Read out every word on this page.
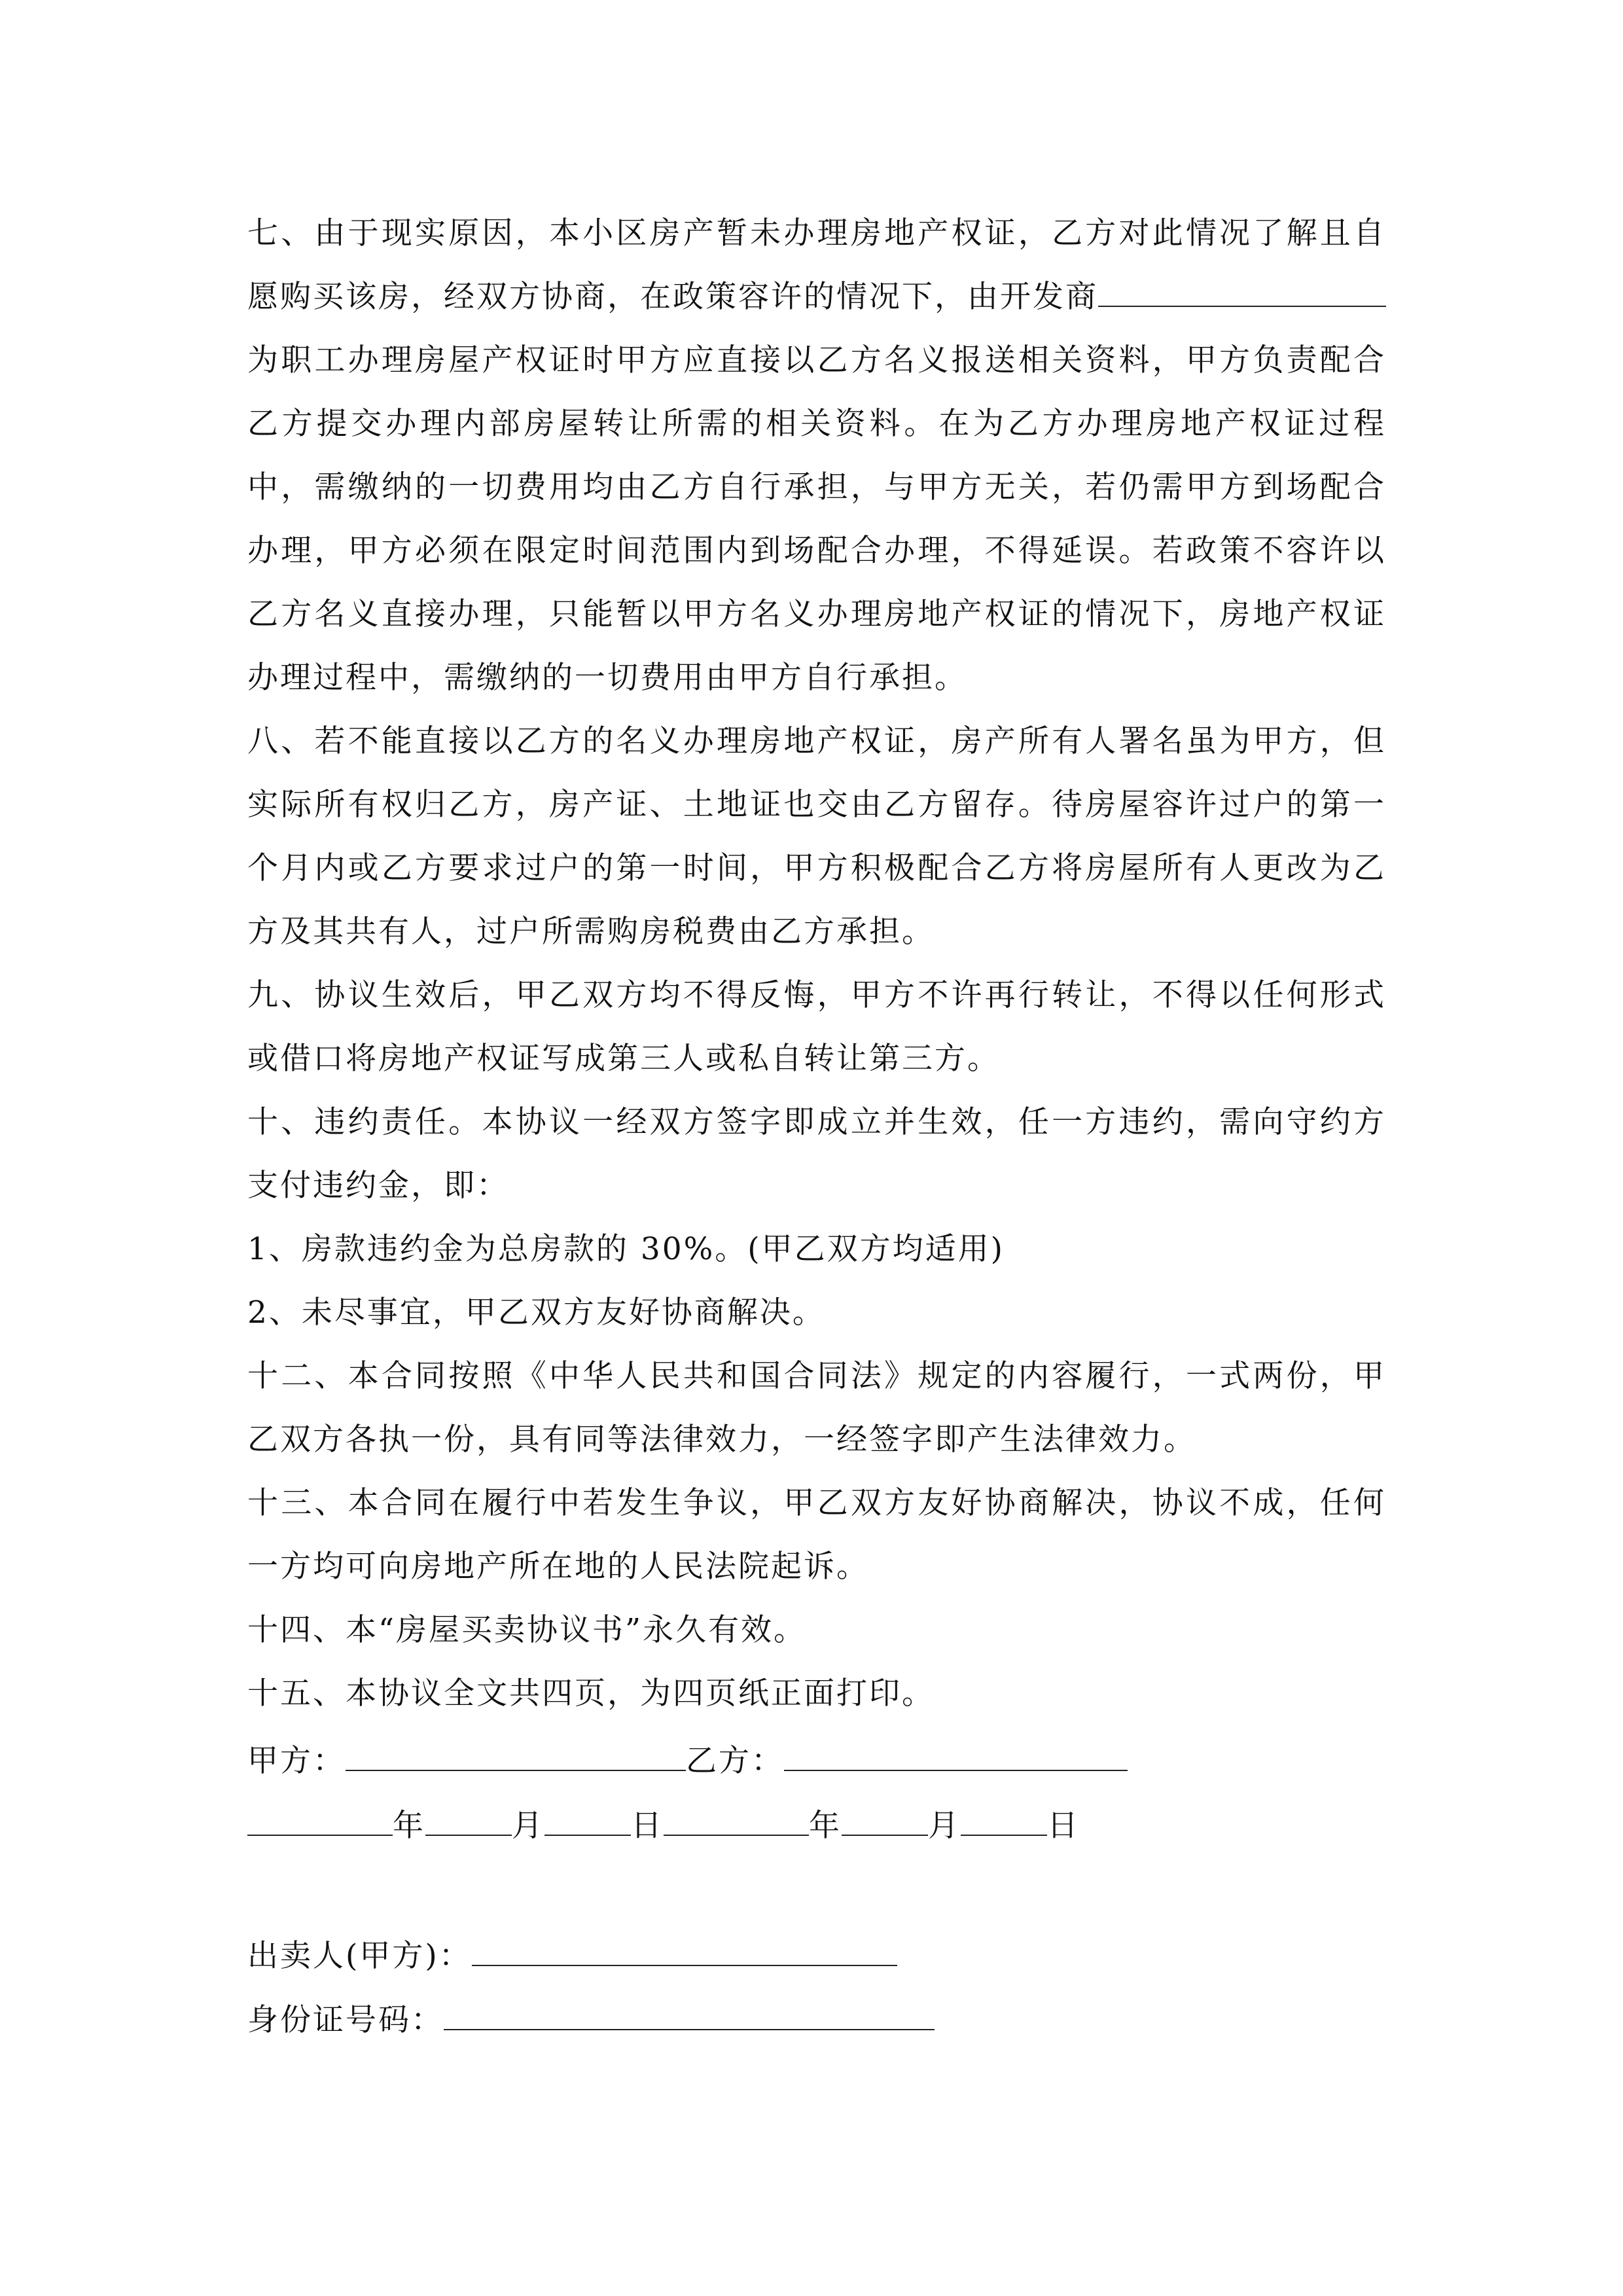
七、由于现实原因，本小区房产暂未办理房地产权证，乙方对此情况了解且自愿购买该房，经双方协商，在政策容许的情况下，由开发商为职工办理房屋产权证时甲方应直接以乙方名义报送相关资料，甲方负责配合乙方提交办理内部房屋转让所需的相关资料。在为乙方办理房地产权证过程中，需缴纳的一切费用均由乙方自行承担，与甲方无关，若仍需甲方到场配合办理，甲方必须在限定时间范围内到场配合办理，不得延误。若政策不容许以乙方名义直接办理，只能暂以甲方名义办理房地产权证的情况下，房地产权证办理过程中，需缴纳的一切费用由甲方自行承担。

八、若不能直接以乙方的名义办理房地产权证，房产所有人署名虽为甲方，但实际所有权归乙方，房产证、土地证也交由乙方留存。待房屋容许过户的第一个月内或乙方要求过户的第一时间，甲方积极配合乙方将房屋所有人更改为乙方及其共有人，过户所需购房税费由乙方承担。

九、协议生效后，甲乙双方均不得反悔，甲方不许再行转让，不得以任何形式或借口将房地产权证写成第三人或私自转让第三方。

十、违约责任。本协议一经双方签字即成立并生效，任一方违约，需向守约方支付违约金，即：

1、房款违约金为总房款的 30%。(甲乙双方均适用)

2、未尽事宜，甲乙双方友好协商解决。

十二、本合同按照《中华人民共和国合同法》规定的内容履行，一式两份，甲乙双方各执一份，具有同等法律效力，一经签字即产生法律效力。

十三、本合同在履行中若发生争议，甲乙双方友好协商解决，协议不成，任何一方均可向房地产所在地的人民法院起诉。

十四、本“房屋买卖协议书”永久有效。

十五、本协议全文共四页，为四页纸正面打印。

甲方：	乙方：
年	月	日	年	月	日
出卖人(甲方)：
身份证号码：
